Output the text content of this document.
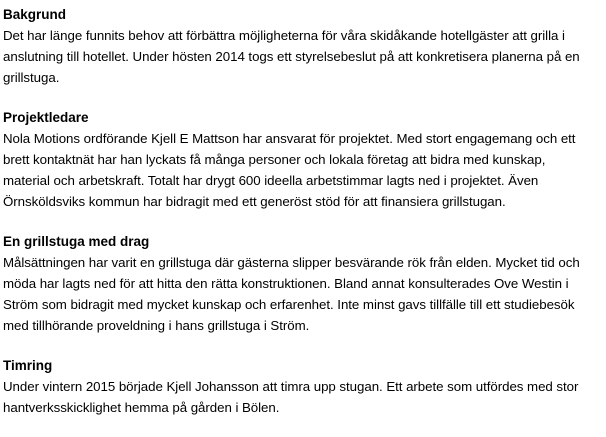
Bakgrund
Det har länge funnits behov att förbättra möjligheterna för våra skidåkande hotellgäster att grilla i
anslutning till hotellet. Under hösten 2014 togs ett styrelsebeslut på att konkretisera planerna på en
grillstuga.
Projektledare
Nola Motions ordförande Kjell E Mattson har ansvarat för projektet. Med stort engagemang och ett
brett kontaktnät har han lyckats få många personer och lokala företag att bidra med kunskap,
material och arbetskraft. Totalt har drygt 600 ideella arbetstimmar lagts ned i projektet. Även
Örnsköldsviks kommun har bidragit med ett generöst stöd för att finansiera grillstugan.
En grillstuga med drag
Målsättningen har varit en grillstuga där gästerna slipper besvärande rök från elden. Mycket tid och
möda har lagts ned för att hitta den rätta konstruktionen. Bland annat konsulterades Ove Westin i
Ström som bidragit med mycket kunskap och erfarenhet. Inte minst gavs tillfälle till ett studiebesök
med tillhörande proveldning i hans grillstuga i Ström.
Timring
Under vintern 2015 började Kjell Johansson att timra upp stugan. Ett arbete som utfördes med stor
hantverksskicklighet hemma på gården i Bölen.
